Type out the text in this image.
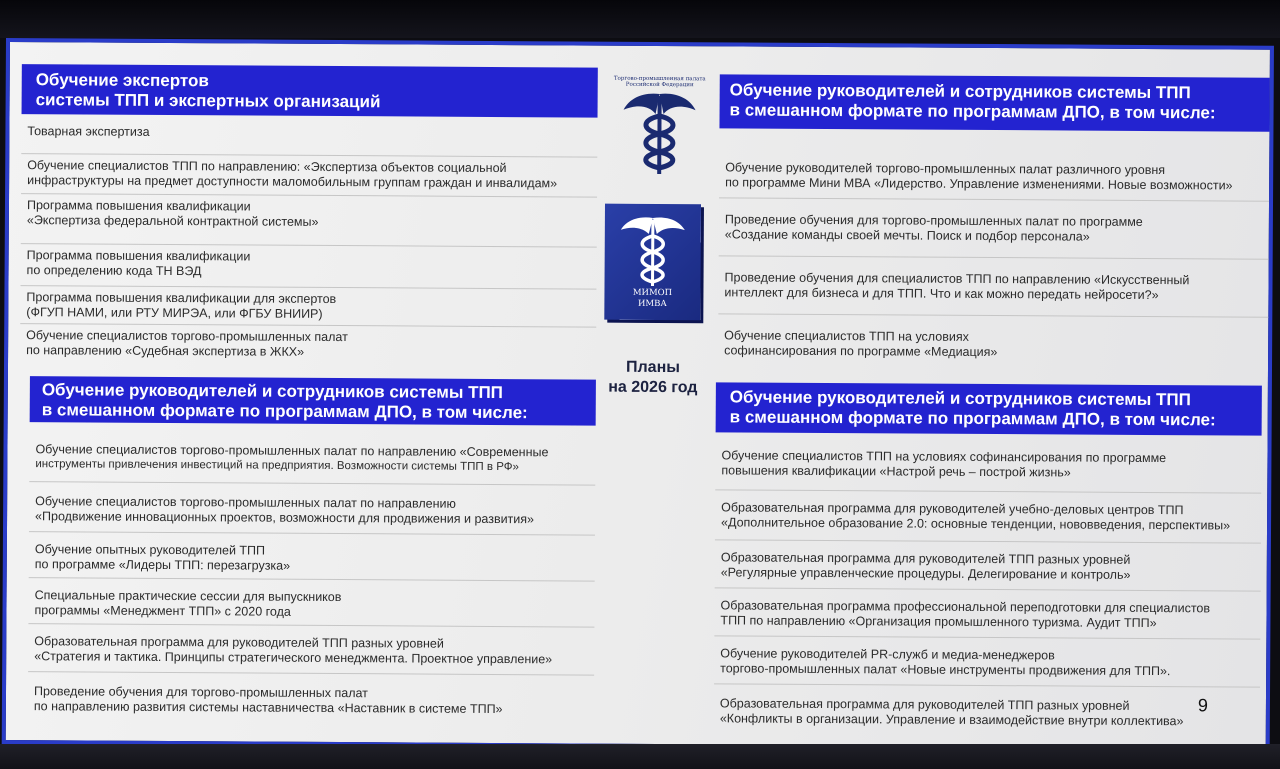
Обучение экспертов
системы ТПП и экспертных организаций
Товарная экспертиза
Обучение специалистов ТПП по направлению: «Экспертиза объектов социальной
инфраструктуры на предмет доступности маломобильным группам граждан и инвалидам»
Программа повышения квалификации
«Экспертиза федеральной контрактной системы»
Программа повышения квалификации
по определению кода ТН ВЭД
Программа повышения квалификации для экспертов
(ФГУП НАМИ, или РТУ МИРЭА, или ФГБУ ВНИИР)
Обучение специалистов торгово-промышленных палат
по направлению «Судебная экспертиза в ЖКХ»
Обучение руководителей и сотрудников системы ТПП
в смешанном формате по программам ДПО, в том числе:
Обучение специалистов торгово-промышленных палат по направлению «Современные
инструменты привлечения инвестиций на предприятия. Возможности системы ТПП в РФ»
Обучение специалистов торгово-промышленных палат по направлению
«Продвижение инновационных проектов, возможности для продвижения и развития»
Обучение опытных руководителей ТПП
по программе «Лидеры ТПП: перезагрузка»
Специальные практические сессии для выпускников
программы «Менеджмент ТПП» с 2020 года
Образовательная программа для руководителей ТПП разных уровней
«Стратегия и тактика. Принципы стратегического менеджмента. Проектное управление»
Проведение обучения для торгово-промышленных палат
по направлению развития системы наставничества «Наставник в системе ТПП»
Торгово-промышленная палата
Российской Федерации
МИМОП
ИМВА
Планы
на 2026 год
Обучение руководителей и сотрудников системы ТПП
в смешанном формате по программам ДПО, в том числе:
Обучение руководителей торгово-промышленных палат различного уровня
по программе Мини МВА «Лидерство. Управление изменениями. Новые возможности»
Проведение обучения для торгово-промышленных палат по программе
«Создание команды своей мечты. Поиск и подбор персонала»
Проведение обучения для специалистов ТПП по направлению «Искусственный
интеллект для бизнеса и для ТПП. Что и как можно передать нейросети?»
Обучение специалистов ТПП на условиях
софинансирования по программе «Медиация»
Обучение руководителей и сотрудников системы ТПП
в смешанном формате по программам ДПО, в том числе:
Обучение специалистов ТПП на условиях софинансирования по программе
повышения квалификации «Настрой речь – построй жизнь»
Образовательная программа для руководителей учебно-деловых центров ТПП
«Дополнительное образование 2.0: основные тенденции, нововведения, перспективы»
Образовательная программа для руководителей ТПП разных уровней
«Регулярные управленческие процедуры. Делегирование и контроль»
Образовательная программа профессиональной переподготовки для специалистов
ТПП по направлению «Организация промышленного туризма. Аудит ТПП»
Обучение руководителей PR-служб и медиа-менеджеров
торгово-промышленных палат «Новые инструменты продвижения для ТПП».
Образовательная программа для руководителей ТПП разных уровней
«Конфликты в организации. Управление и взаимодействие внутри коллектива»
9
